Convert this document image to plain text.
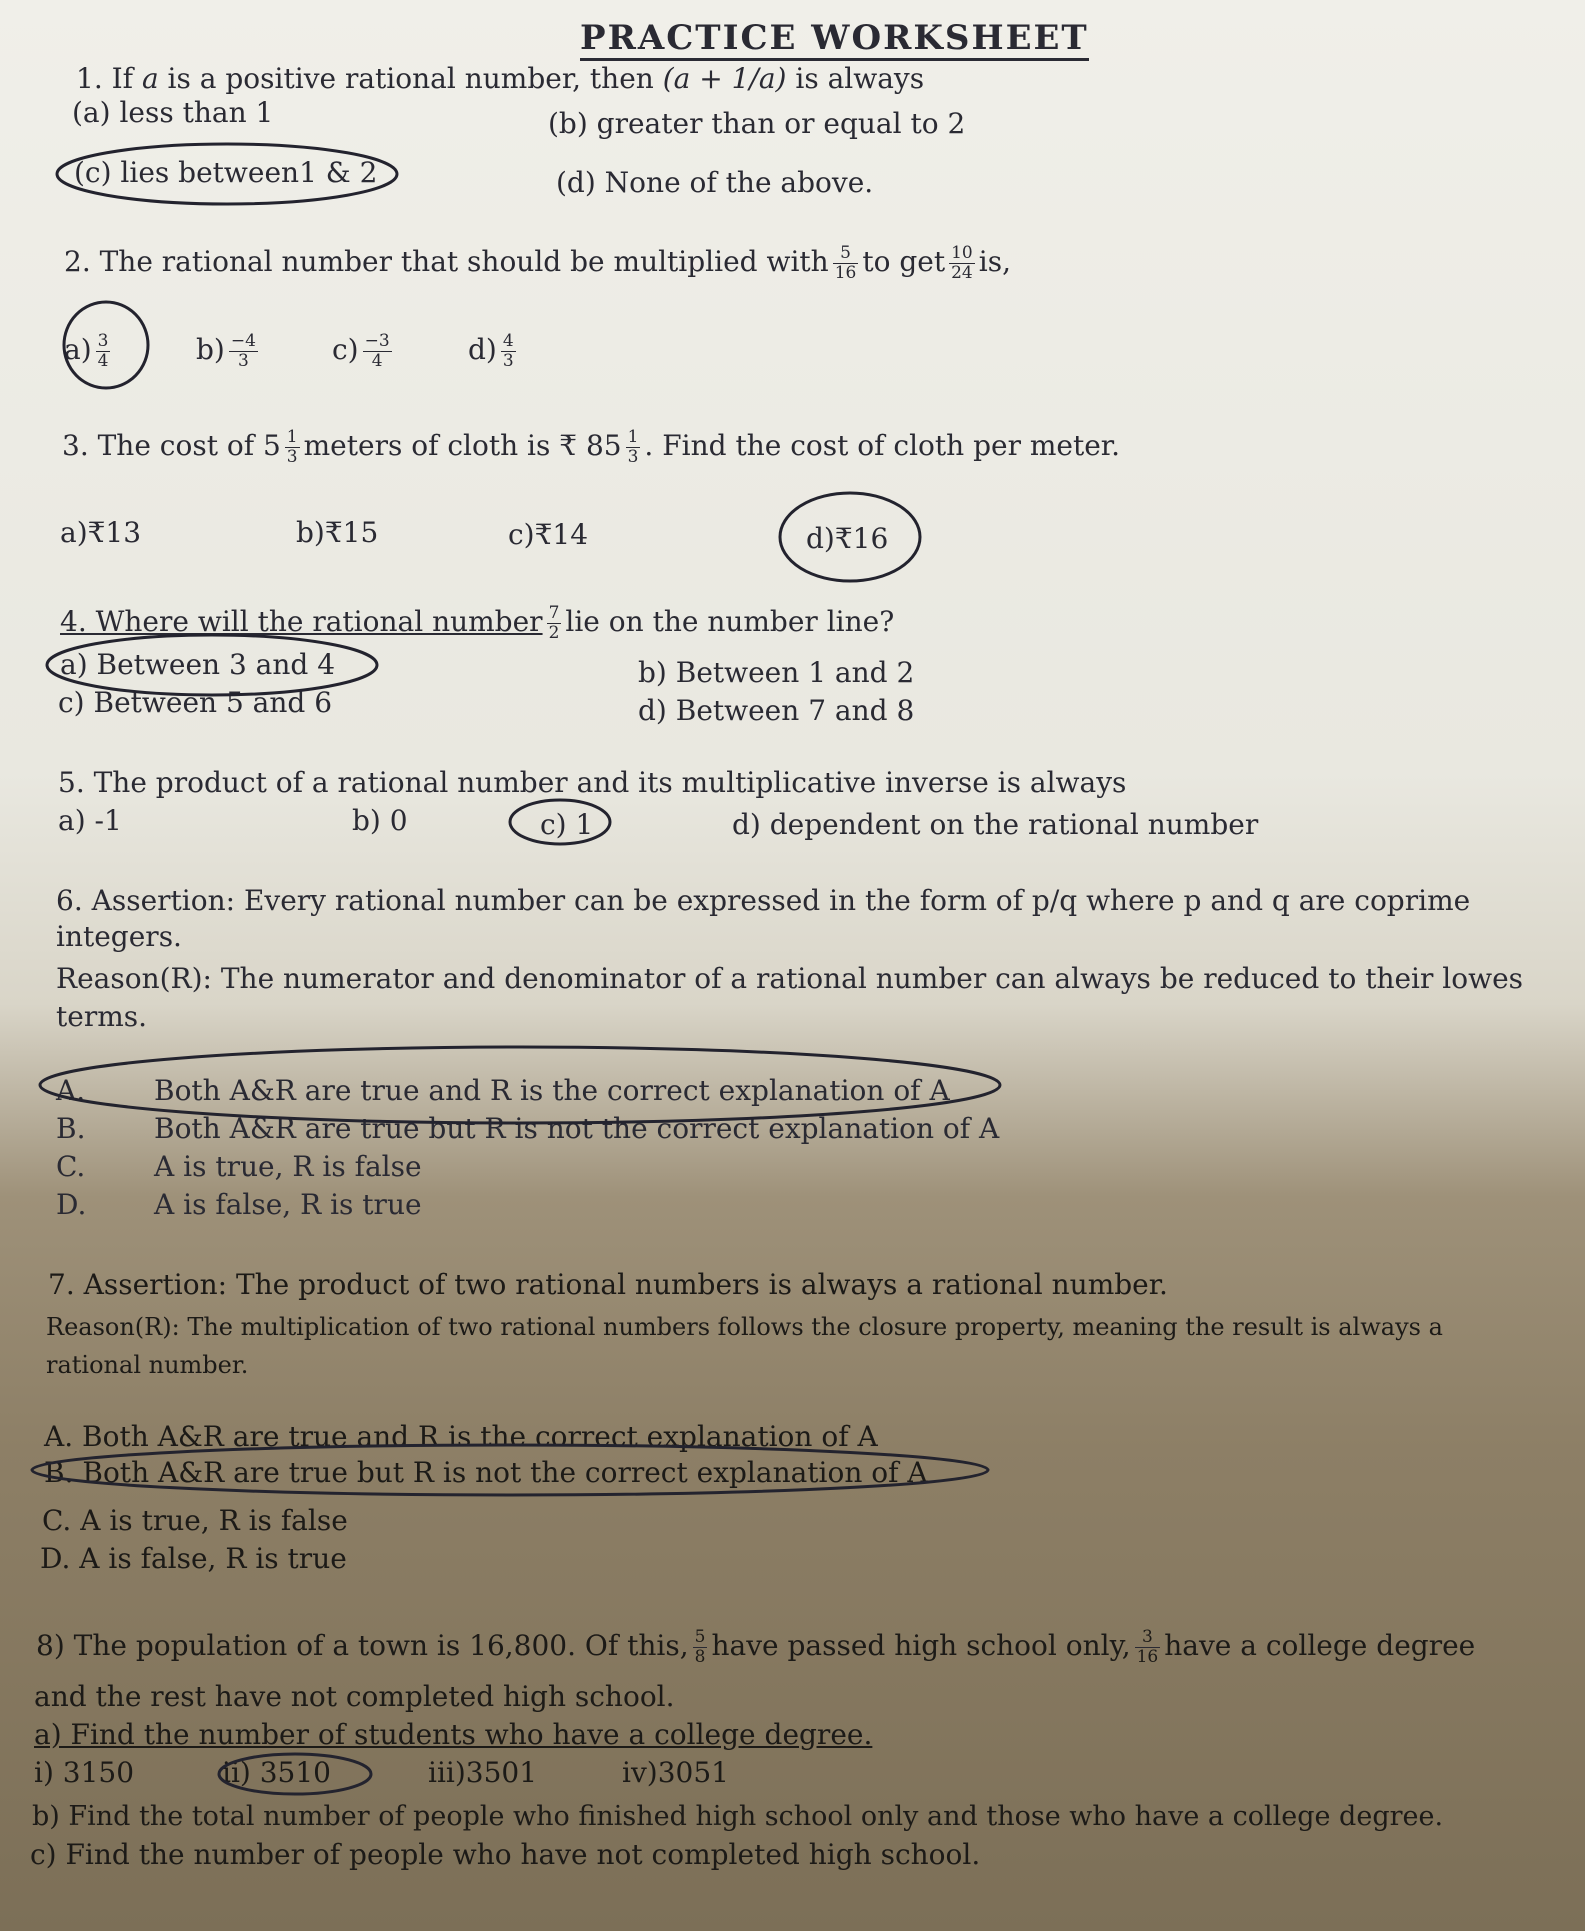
PRACTICE WORKSHEET
1. If a is a positive rational number, then (a + 1/a) is always
(a) less than 1	(b) greater than or equal to 2
(c) lies between1 & 2	(d) None of the above.
2. The rational number that should be multiplied with $\frac{5}{16}$ to get $\frac{10}{24}$ is,
$a) \frac{3}{4}$	$b) \frac{-4}{3}$	$c) \frac{-3}{4}$	$d) \frac{4}{3}$
3. The cost of $5 \frac{1}{3}$ meters of cloth is ₹ $85 \frac{1}{3}$ . Find the cost of cloth per meter.
a)₹13	b)₹15	c)₹14	d)₹16
4. Where will the rational number $\frac{7}{2}$ lie on the number line?
a) Between 3 and 4	b) Between 1 and 2
c) Between 5 and 6	d) Between 7 and 8
5. The product of a rational number and its multiplicative inverse is always
a) -1	b) 0	c) 1	d) dependent on the rational number
6. Assertion: Every rational number can be expressed in the form of p/q where p and q are coprime
integers.
Reason(R): The numerator and denominator of a rational number can always be reduced to their lowes
terms.
A. Both A&R are true and R is the correct explanation of A
B. Both A&R are true but R is not the correct explanation of A
C. A is true, R is false
D. A is false, R is true
7. Assertion: The product of two rational numbers is always a rational number.
Reason(R): The multiplication of two rational numbers follows the closure property, meaning the result is always a
rational number.
A. Both A&R are true and R is the correct explanation of A
B. Both A&R are true but R is not the correct explanation of A
C. A is true, R is false
D. A is false, R is true
8) The population of a town is 16,800. Of this, $\frac{5}{8}$ have passed high school only, $\frac{3}{16}$ have a college degree
and the rest have not completed high school.
a) Find the number of students who have a college degree.
i) 3150	ii) 3510	iii)3501	iv)3051
b) Find the total number of people who finished high school only and those who have a college degree.
c) Find the number of people who have not completed high school.
